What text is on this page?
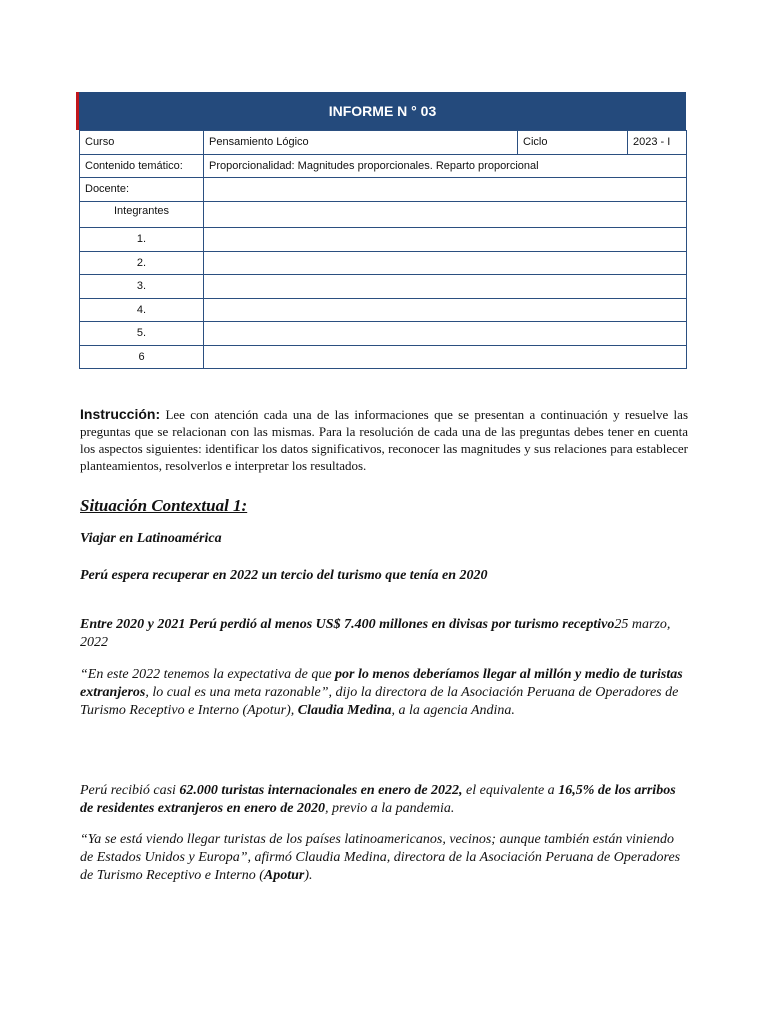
INFORME N ° 03
Curso	Pensamiento Lógico	Ciclo	2023 - I
Contenido temático:	Proporcionalidad: Magnitudes proporcionales. Reparto proporcional		
Docente:			
Integrantes			
1.			
2.			
3.			
4.			
5.			
6			
Instrucción: Lee con atención cada una de las informaciones que se presentan a continuación y resuelve las preguntas que se relacionan con las mismas. Para la resolución de cada una de las preguntas debes tener en cuenta los aspectos siguientes: identificar los datos significativos, reconocer las magnitudes y sus relaciones para establecer planteamientos, resolverlos e interpretar los resultados.
Situación Contextual 1:
Viajar en Latinoamérica
Perú espera recuperar en 2022 un tercio del turismo que tenía en 2020
Entre 2020 y 2021 Perú perdió al menos US$ 7.400 millones en divisas por turismo receptivo25 marzo, 2022
“En este 2022 tenemos la expectativa de que por lo menos deberíamos llegar al millón y medio de turistas extranjeros, lo cual es una meta razonable”, dijo la directora de la Asociación Peruana de Operadores de Turismo Receptivo e Interno (Apotur), Claudia Medina, a la agencia Andina.
Perú recibió casi 62.000 turistas internacionales en enero de 2022, el equivalente a 16,5% de los arribos de residentes extranjeros en enero de 2020, previo a la pandemia.
“Ya se está viendo llegar turistas de los países latinoamericanos, vecinos; aunque también están viniendo de Estados Unidos y Europa”, afirmó Claudia Medina, directora de la Asociación Peruana de Operadores de Turismo Receptivo e Interno (Apotur).
